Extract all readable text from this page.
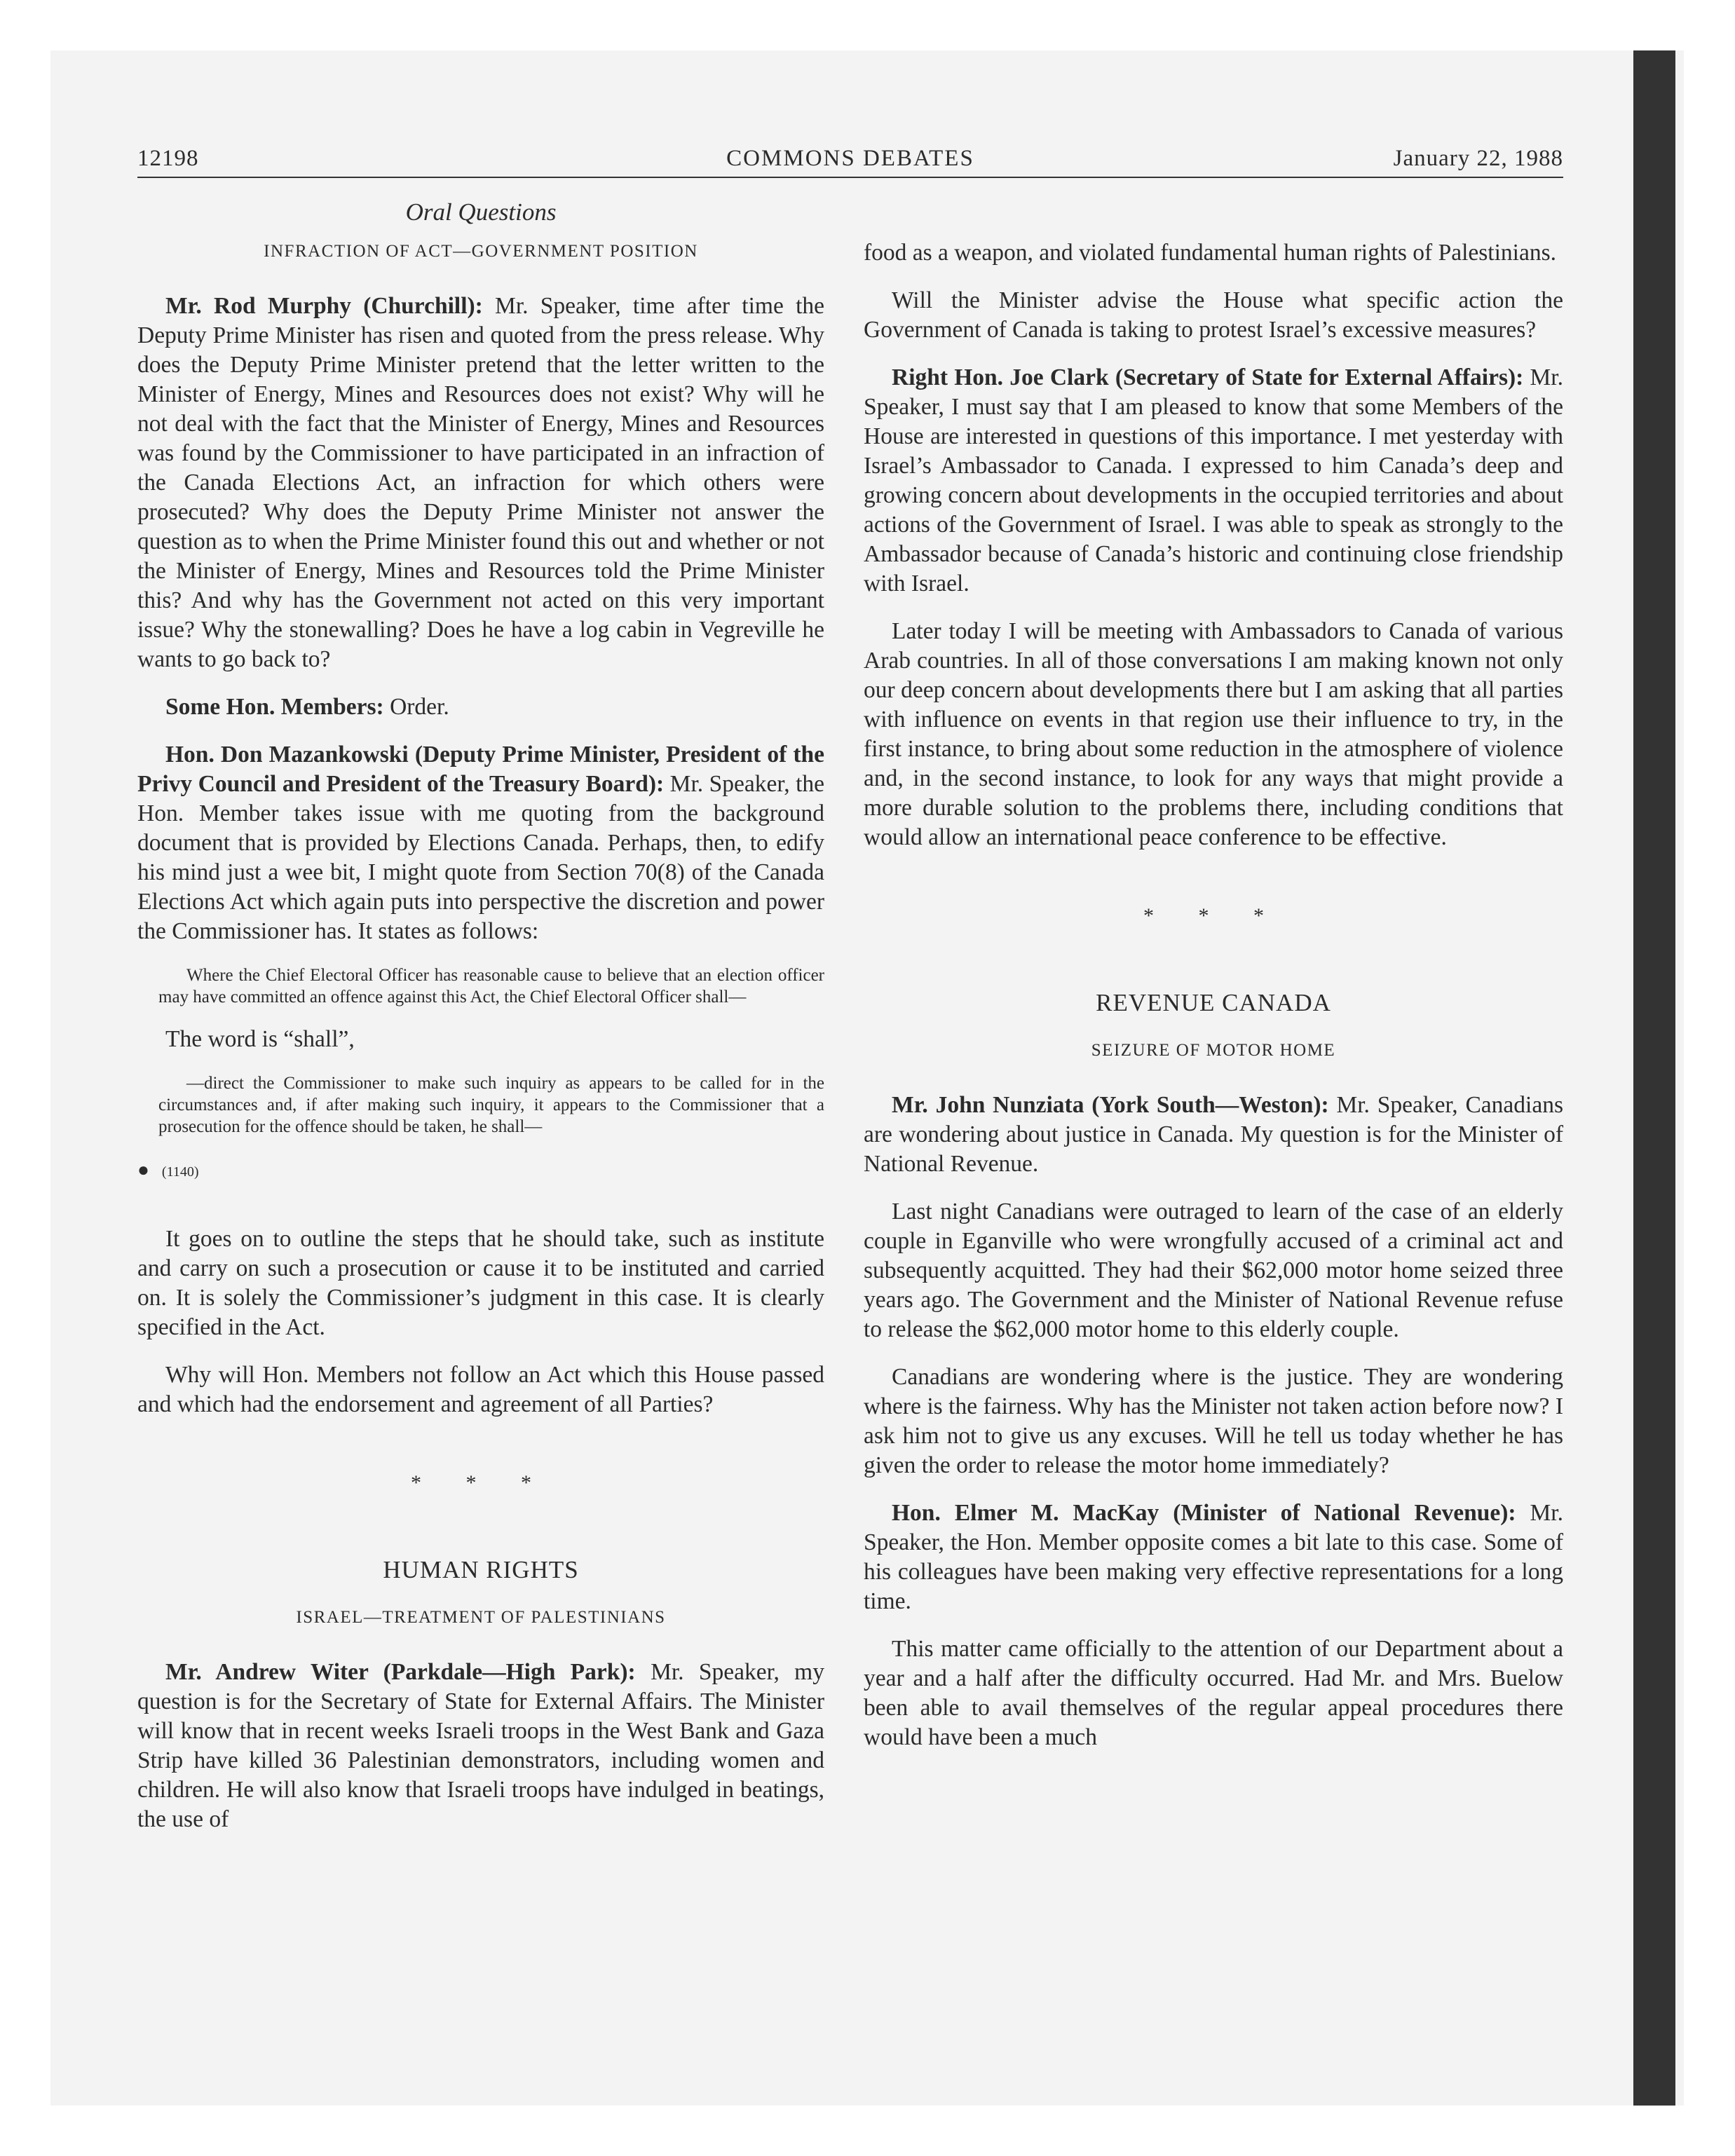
12198	COMMONS DEBATES	January 22, 1988
Oral Questions
INFRACTION OF ACT—GOVERNMENT POSITION

Mr. Rod Murphy (Churchill): Mr. Speaker, time after time the Deputy Prime Minister has risen and quoted from the press release. Why does the Deputy Prime Minister pretend that the letter written to the Minister of Energy, Mines and Resources does not exist? Why will he not deal with the fact that the Minister of Energy, Mines and Resources was found by the Commissioner to have participated in an infraction of the Canada Elections Act, an infraction for which others were prosecuted? Why does the Deputy Prime Minister not answer the question as to when the Prime Minister found this out and whether or not the Minister of Energy, Mines and Resources told the Prime Minister this? And why has the Government not acted on this very important issue? Why the stonewalling? Does he have a log cabin in Vegreville he wants to go back to?

Some Hon. Members: Order.

Hon. Don Mazankowski (Deputy Prime Minister, President of the Privy Council and President of the Treasury Board): Mr. Speaker, the Hon. Member takes issue with me quoting from the background document that is provided by Elections Canada. Perhaps, then, to edify his mind just a wee bit, I might quote from Section 70(8) of the Canada Elections Act which again puts into perspective the discretion and power the Commissioner has. It states as follows:

Where the Chief Electoral Officer has reasonable cause to believe that an election officer may have committed an offence against this Act, the Chief Electoral Officer shall—

The word is “shall”,

—direct the Commissioner to make such inquiry as appears to be called for in the circumstances and, if after making such inquiry, it appears to the Commissioner that a prosecution for the offence should be taken, he shall—
● (1140)

It goes on to outline the steps that he should take, such as institute and carry on such a prosecution or cause it to be instituted and carried on. It is solely the Commissioner’s judgment in this case. It is clearly specified in the Act.

Why will Hon. Members not follow an Act which this House passed and which had the endorsement and agreement of all Parties?

* * *
HUMAN RIGHTS
ISRAEL—TREATMENT OF PALESTINIANS

Mr. Andrew Witer (Parkdale—High Park): Mr. Speaker, my question is for the Secretary of State for External Affairs. The Minister will know that in recent weeks Israeli troops in the West Bank and Gaza Strip have killed 36 Palestinian demonstrators, including women and children. He will also know that Israeli troops have indulged in beatings, the use of

food as a weapon, and violated fundamental human rights of Palestinians.

Will the Minister advise the House what specific action the Government of Canada is taking to protest Israel’s excessive measures?

Right Hon. Joe Clark (Secretary of State for External Affairs): Mr. Speaker, I must say that I am pleased to know that some Members of the House are interested in questions of this importance. I met yesterday with Israel’s Ambassador to Canada. I expressed to him Canada’s deep and growing concern about developments in the occupied territories and about actions of the Government of Israel. I was able to speak as strongly to the Ambassador because of Canada’s historic and continuing close friendship with Israel.

Later today I will be meeting with Ambassadors to Canada of various Arab countries. In all of those conversations I am making known not only our deep concern about developments there but I am asking that all parties with influence on events in that region use their influence to try, in the first instance, to bring about some reduction in the atmosphere of violence and, in the second instance, to look for any ways that might provide a more durable solution to the problems there, including conditions that would allow an international peace conference to be effective.

* * *
REVENUE CANADA
SEIZURE OF MOTOR HOME

Mr. John Nunziata (York South—Weston): Mr. Speaker, Canadians are wondering about justice in Canada. My question is for the Minister of National Revenue.

Last night Canadians were outraged to learn of the case of an elderly couple in Eganville who were wrongfully accused of a criminal act and subsequently acquitted. They had their $62,000 motor home seized three years ago. The Government and the Minister of National Revenue refuse to release the $62,000 motor home to this elderly couple.

Canadians are wondering where is the justice. They are wondering where is the fairness. Why has the Minister not taken action before now? I ask him not to give us any excuses. Will he tell us today whether he has given the order to release the motor home immediately?

Hon. Elmer M. MacKay (Minister of National Revenue): Mr. Speaker, the Hon. Member opposite comes a bit late to this case. Some of his colleagues have been making very effective representations for a long time.

This matter came officially to the attention of our Department about a year and a half after the difficulty occurred. Had Mr. and Mrs. Buelow been able to avail themselves of the regular appeal procedures there would have been a much
